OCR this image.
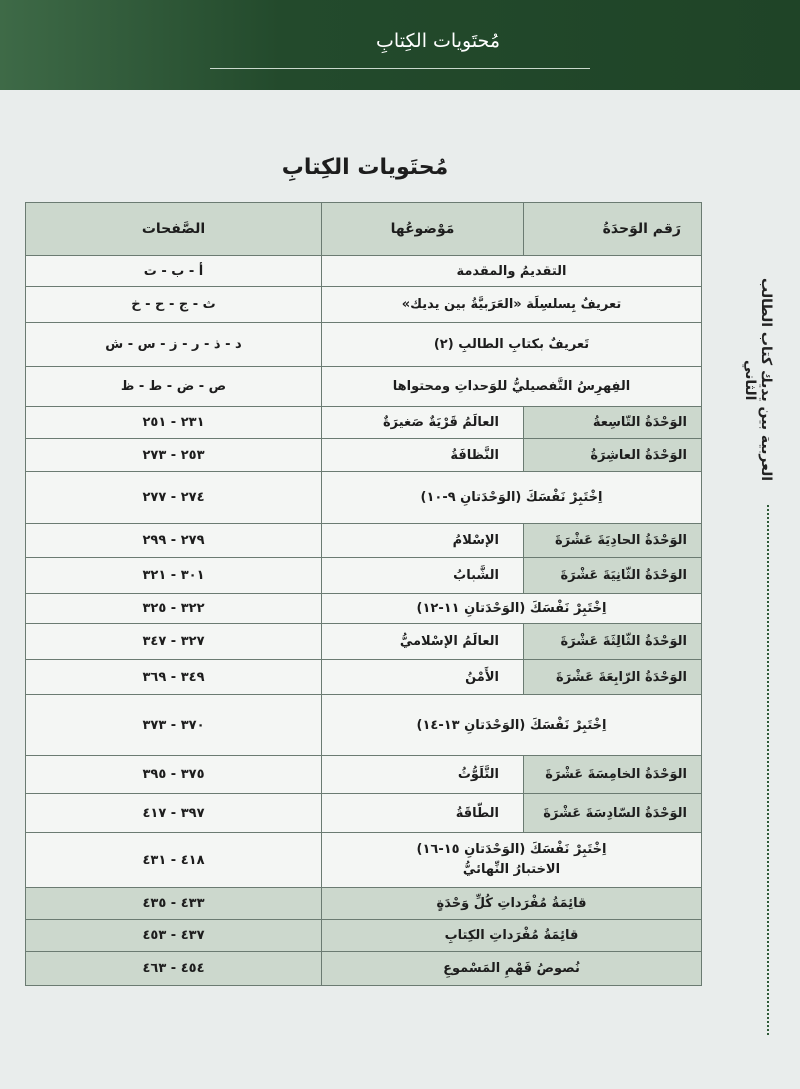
مُحتَويات الكِتابِ
مُحتَويات الكِتابِ
العربية بين يديك كتاب الطالب الثاني
رَقم الوَحدَةُ	مَوْضوعُها	الصَّفحات

التقديمُ والمقدمة		أ - ب - ت

تعريفٌ بِسلسِلَة «العَرَبيَّةُ بين يديك»		ث - ج - ح - خ

تَعريفٌ بكتابِ الطالبِ (٢)		د - ذ - ر - ز - س - ش

الفِهرِسُ التَّفصيليُّ للوَحداتِ ومحتواها		ص - ض - ط - ظ
الوَحْدَةُ التّاسِعةُ	العالَمُ قَرْيَةٌ صَغيرَةٌ	٢٣١ - ٢٥١
الوَحْدَةُ العاشِرَةُ	النَّظافَةُ	٢٥٣ - ٢٧٣

اِخْتَبِرْ نَفْسَكَ (الوَحْدَتانِ ٩-١٠)		٢٧٤ - ٢٧٧
الوَحْدَةُ الحادِيَةَ عَشْرَةَ	الإسْلامُ	٢٧٩ - ٢٩٩
الوَحْدَةُ الثّانِيَةَ عَشْرَةَ	الشَّبابُ	٣٠١ - ٣٢١

اِخْتَبِرْ نَفْسَكَ (الوَحْدَتانِ ١١-١٢)		٣٢٢ - ٣٢٥
الوَحْدَةُ الثّالِثَةَ عَشْرَةَ	العالَمُ الإسْلاميُّ	٣٢٧ - ٣٤٧
الوَحْدَةُ الرّابِعَةَ عَشْرَةَ	الأَمْنُ	٣٤٩ - ٣٦٩

اِخْتَبِرْ نَفْسَكَ (الوَحْدَتانِ ١٣-١٤)		٣٧٠ - ٣٧٣
الوَحْدَةُ الخامِسَةَ عَشْرَةَ	التَّلَوُّثُ	٣٧٥ - ٣٩٥
الوَحْدَةُ السّادِسَةَ عَشْرَةَ	الطّاقَةُ	٣٩٧ - ٤١٧

اِخْتَبِرْ نَفْسَكَ (الوَحْدَتانِ ١٥-١٦)
الاختبارُ النِّهائيُّ		٤١٨ - ٤٣١

قائِمَةُ مُفْرَداتِ كُلِّ وَحْدَةٍ		٤٣٣ - ٤٣٥

قائِمَةُ مُفْرَداتِ الكِتابِ		٤٣٧ - ٤٥٣

نُصوصُ فَهْمِ المَسْموعِ		٤٥٤ - ٤٦٣
